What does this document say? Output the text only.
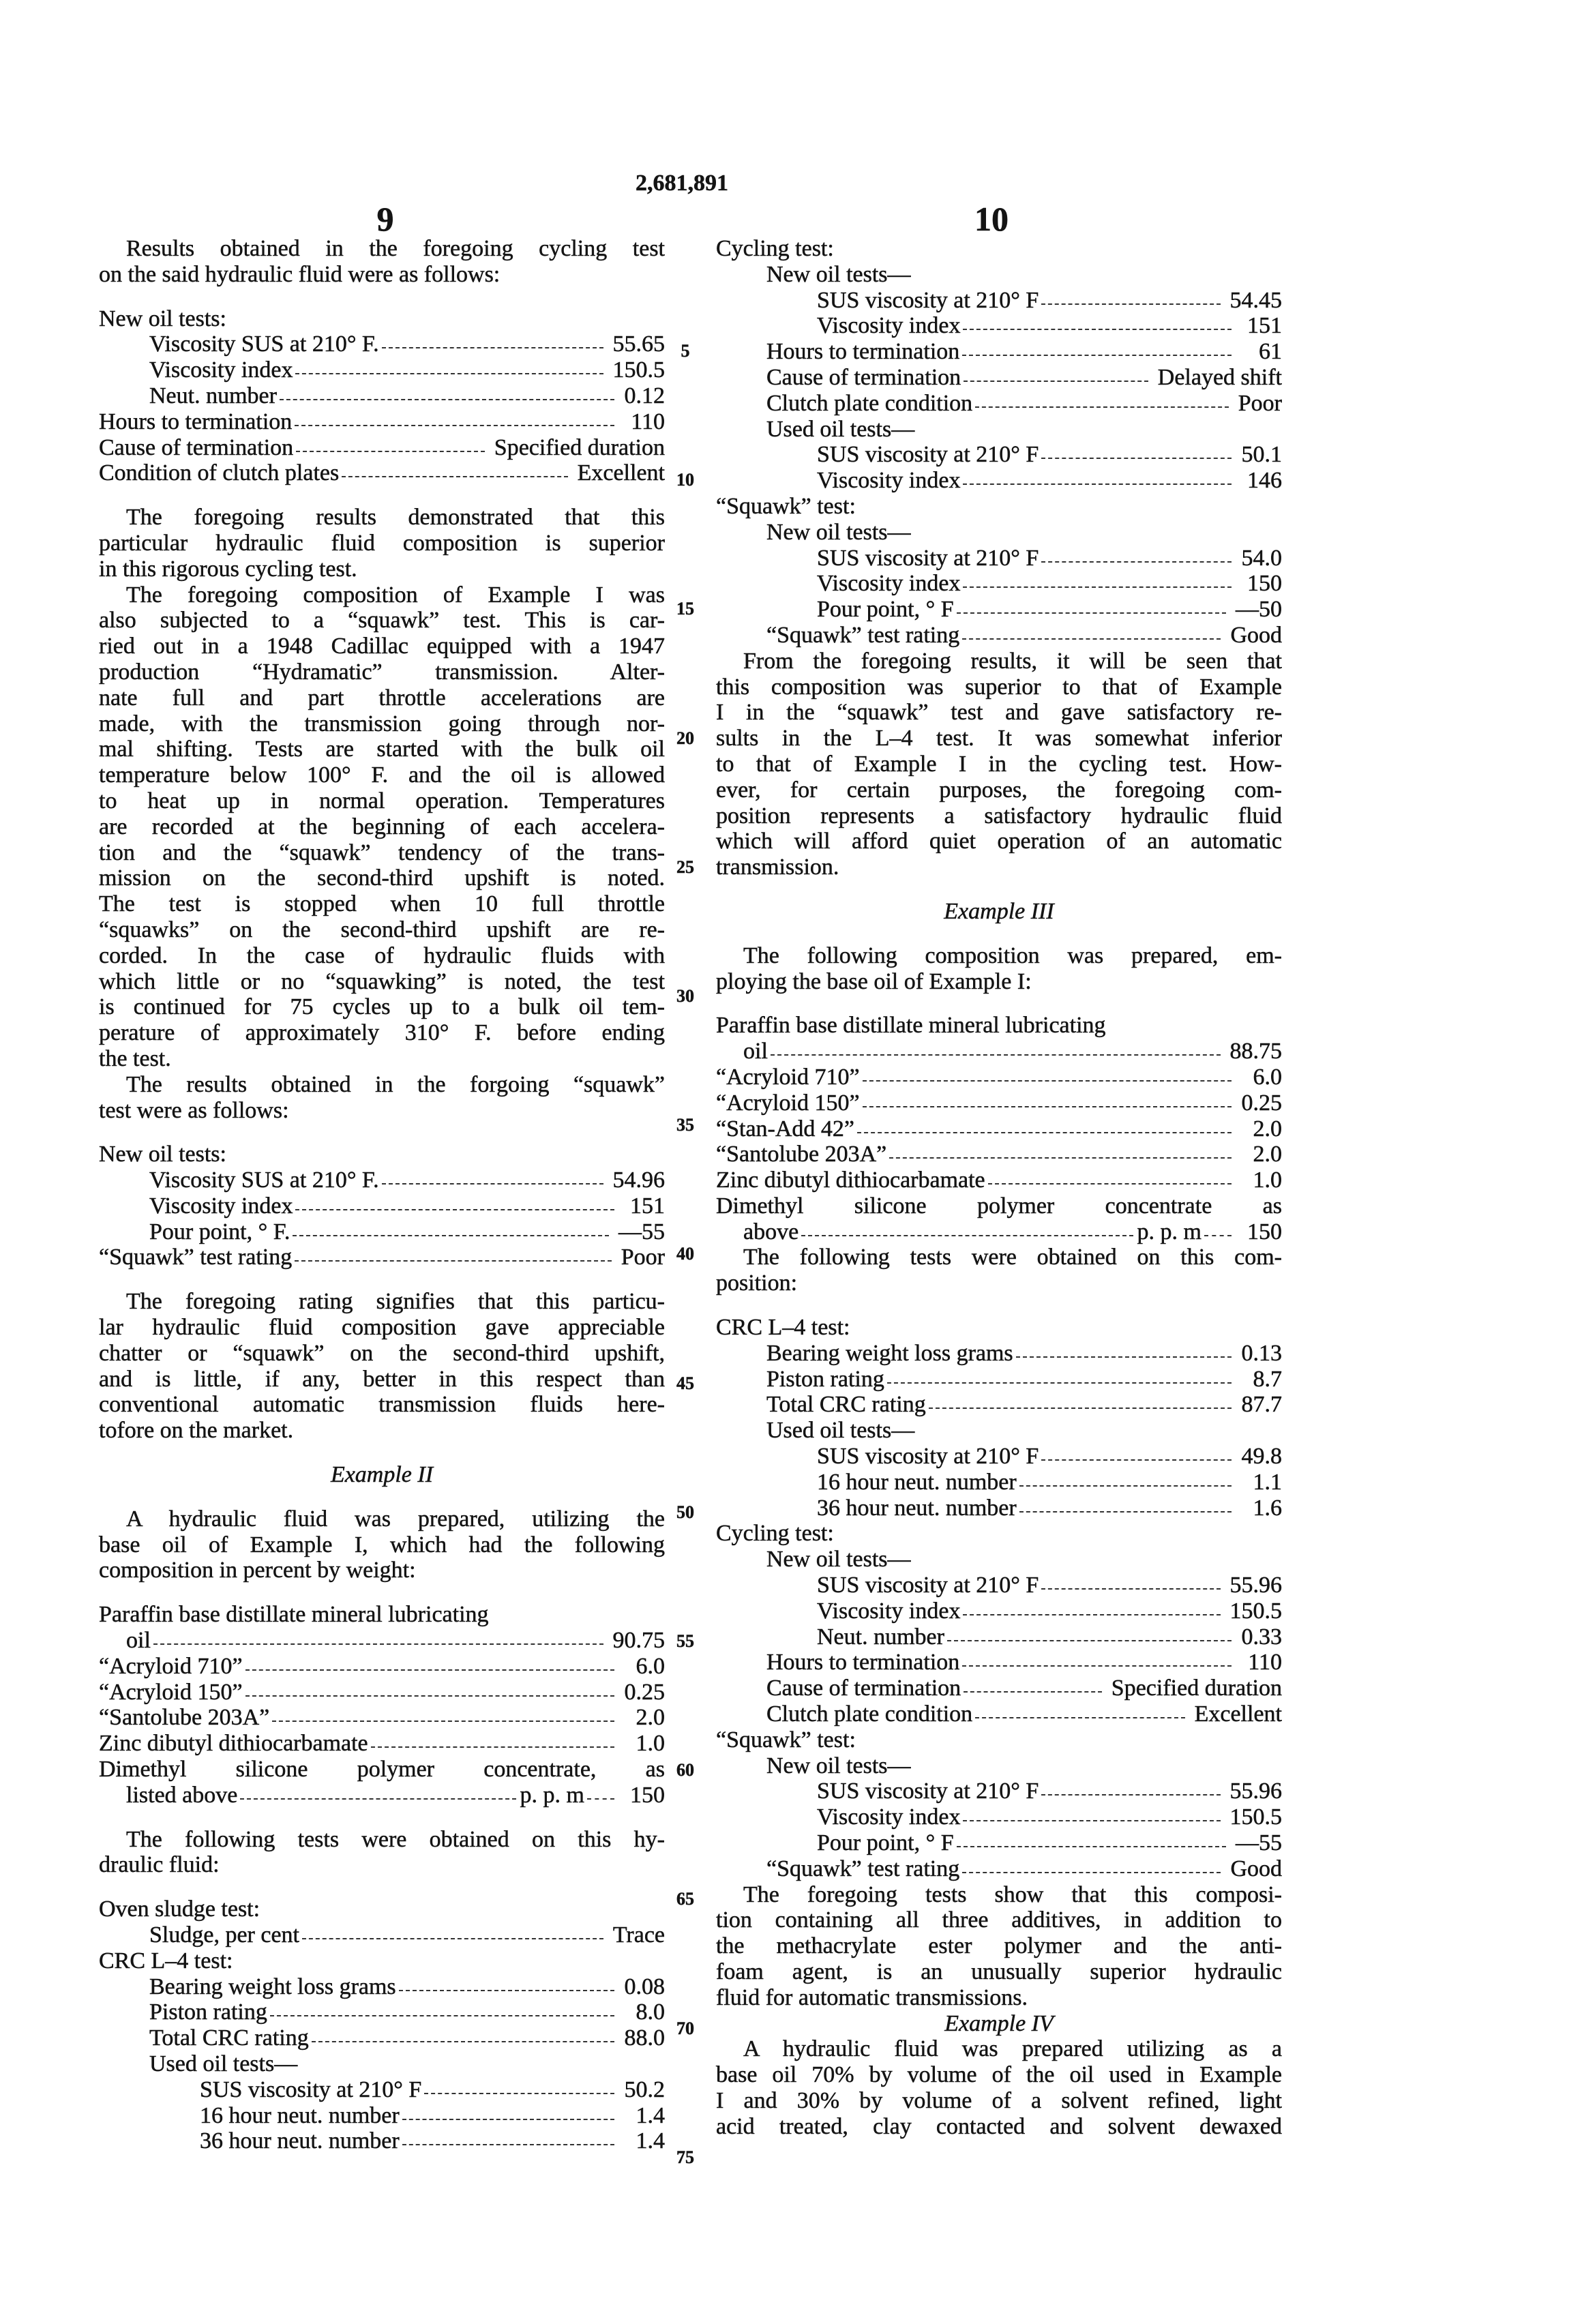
2,681,891
9	10
Results obtained in the foregoing cycling test
on the said hydraulic fluid were as follows:
New oil tests:
Viscosity SUS at 210° F.	55.65
Viscosity index	150.5
Neut. number	0.12
Hours to termination	110
Cause of termination	Specified duration
Condition of clutch plates	Excellent
The foregoing results demonstrated that this
particular hydraulic fluid composition is superior
in this rigorous cycling test.
The foregoing composition of Example I was
also subjected to a “squawk” test. This is car-
ried out in a 1948 Cadillac equipped with a 1947
production “Hydramatic” transmission. Alter-
nate full and part throttle accelerations are
made, with the transmission going through nor-
mal shifting. Tests are started with the bulk oil
temperature below 100° F. and the oil is allowed
to heat up in normal operation. Temperatures
are recorded at the beginning of each accelera-
tion and the “squawk” tendency of the trans-
mission on the second-third upshift is noted.
The test is stopped when 10 full throttle
“squawks” on the second-third upshift are re-
corded. In the case of hydraulic fluids with
which little or no “squawking” is noted, the test
is continued for 75 cycles up to a bulk oil tem-
perature of approximately 310° F. before ending
the test.
The results obtained in the forgoing “squawk”
test were as follows:
New oil tests:
Viscosity SUS at 210° F.	54.96
Viscosity index	151
Pour point, ° F.	—55
“Squawk” test rating	Poor
The foregoing rating signifies that this particu-
lar hydraulic fluid composition gave appreciable
chatter or “squawk” on the second-third upshift,
and is little, if any, better in this respect than
conventional automatic transmission fluids here-
tofore on the market.
Example II
A hydraulic fluid was prepared, utilizing the
base oil of Example I, which had the following
composition in percent by weight:
Paraffin base distillate mineral lubricating
oil	90.75
“Acryloid 710”	6.0
“Acryloid 150”	0.25
“Santolube 203A”	2.0
Zinc dibutyl dithiocarbamate	1.0
Dimethyl silicone polymer concentrate, as
listed above	p. p. m 150
The following tests were obtained on this hy-
draulic fluid:
Oven sludge test:
Sludge, per cent	Trace
CRC L–4 test:
Bearing weight loss grams	0.08
Piston rating	8.0
Total CRC rating	88.0
Used oil tests—
SUS viscosity at 210° F	50.2
16 hour neut. number	1.4
36 hour neut. number	1.4
Cycling test:
New oil tests—
SUS viscosity at 210° F	54.45
Viscosity index	151
Hours to termination	61
Cause of termination	Delayed shift
Clutch plate condition	Poor
Used oil tests—
SUS viscosity at 210° F	50.1
Viscosity index	146
“Squawk” test:
New oil tests—
SUS viscosity at 210° F	54.0
Viscosity index	150
Pour point, ° F	—50
“Squawk” test rating	Good
From the foregoing results, it will be seen that
this composition was superior to that of Example
I in the “squawk” test and gave satisfactory re-
sults in the L–4 test. It was somewhat inferior
to that of Example I in the cycling test. How-
ever, for certain purposes, the foregoing com-
position represents a satisfactory hydraulic fluid
which will afford quiet operation of an automatic
transmission.
Example III
The following composition was prepared, em-
ploying the base oil of Example I:
Paraffin base distillate mineral lubricating
oil	88.75
“Acryloid 710”	6.0
“Acryloid 150”	0.25
“Stan-Add 42”	2.0
“Santolube 203A”	2.0
Zinc dibutyl dithiocarbamate	1.0
Dimethyl silicone polymer concentrate as
above	p. p. m 150
The following tests were obtained on this com-
position:
CRC L–4 test:
Bearing weight loss grams	0.13
Piston rating	8.7
Total CRC rating	87.7
Used oil tests—
SUS viscosity at 210° F	49.8
16 hour neut. number	1.1
36 hour neut. number	1.6
Cycling test:
New oil tests—
SUS viscosity at 210° F	55.96
Viscosity index	150.5
Neut. number	0.33
Hours to termination	110
Cause of termination	Specified duration
Clutch plate condition	Excellent
“Squawk” test:
New oil tests—
SUS viscosity at 210° F	55.96
Viscosity index	150.5
Pour point, ° F	—55
“Squawk” test rating	Good
The foregoing tests show that this composi-
tion containing all three additives, in addition to
the methacrylate ester polymer and the anti-
foam agent, is an unusually superior hydraulic
fluid for automatic transmissions.
Example IV
A hydraulic fluid was prepared utilizing as a
base oil 70% by volume of the oil used in Example
I and 30% by volume of a solvent refined, light
acid treated, clay contacted and solvent dewaxed
5
10
15
20
25
30
35
40
45
50
55
60
65
70
75
